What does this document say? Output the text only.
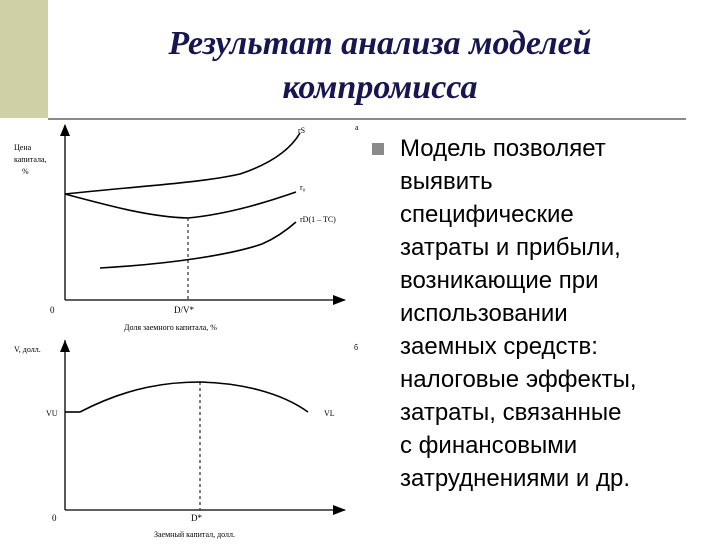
Результат анализа моделей
компромисса
Цена
капитала,
%
0	D/V*
Доля заемного капитала, %
rS
r₀
rD(1 – TC)
a
V, долл.
VU	VL
0	D*
Заемный капитал, долл.
б
Модель позволяет
выявить
специфические
затраты и прибыли,
возникающие при
использовании
заемных средств:
налоговые эффекты,
затраты, связанные
с финансовыми
затруднениями и др.
